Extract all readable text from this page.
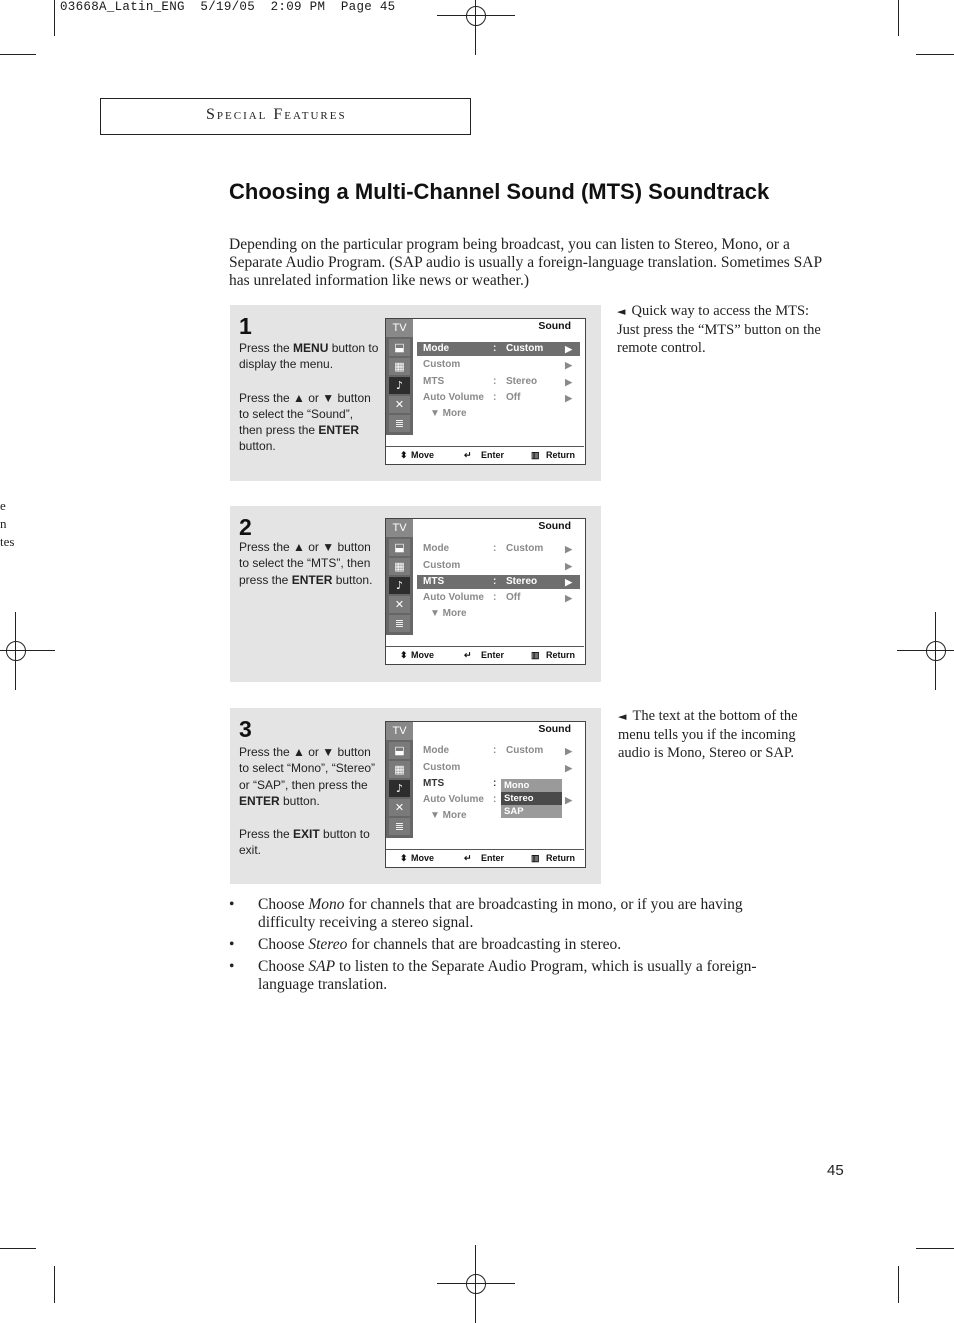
03668A_Latin_ENG  5/19/05  2:09 PM  Page 45
e
n
tes
Special Features
Choosing a Multi-Channel Sound (MTS) Soundtrack
Depending on the particular program being broadcast, you can listen to Stereo, Mono, or a Separate Audio Program. (SAP audio is usually a foreign-language translation. Sometimes SAP has unrelated information like news or weather.)
1

Press the MENU button to display the menu.

Press the ▲ or ▼ button to select the “Sound”, then press the ENTER button.

TV	Sound
⬓
▦
♪
✕
≣
Mode	: Custom ▶
Custom	▶
MTS	: Stereo	▶
Auto Volume : Off	▶
▼ More
⬍ Move	↵ Enter	▥ Return
2

Press the ▲ or ▼ button to select the “MTS”, then press the ENTER button.

TV	Sound
⬓
▦
♪
✕
≣
Mode	: Custom ▶
Custom	▶
MTS	: Stereo	▶
Auto Volume : Off	▶
▼ More
⬍ Move	↵ Enter	▥ Return
3

Press the ▲ or ▼ button to select “Mono”, “Stereo” or “SAP”, then press the ENTER button.

Press the EXIT button to exit.

TV	Sound
⬓
▦
♪
✕
≣
Mode	: Custom ▶
Custom	▶
MTS	:
Auto Volume :	▶
Mono
Stereo
SAP
▼ More
⬍ Move	↵ Enter	▥ Return
◄ Quick way to access the MTS: Just press the “MTS” button on the remote control.
◄ The text at the bottom of the menu tells you if the incoming audio is Mono, Stereo or SAP.
• Choose Mono for channels that are broadcasting in mono, or if you are having difficulty receiving a stereo signal.
• Choose Stereo for channels that are broadcasting in stereo.
• Choose SAP to listen to the Separate Audio Program, which is usually a foreign-language translation.
45
